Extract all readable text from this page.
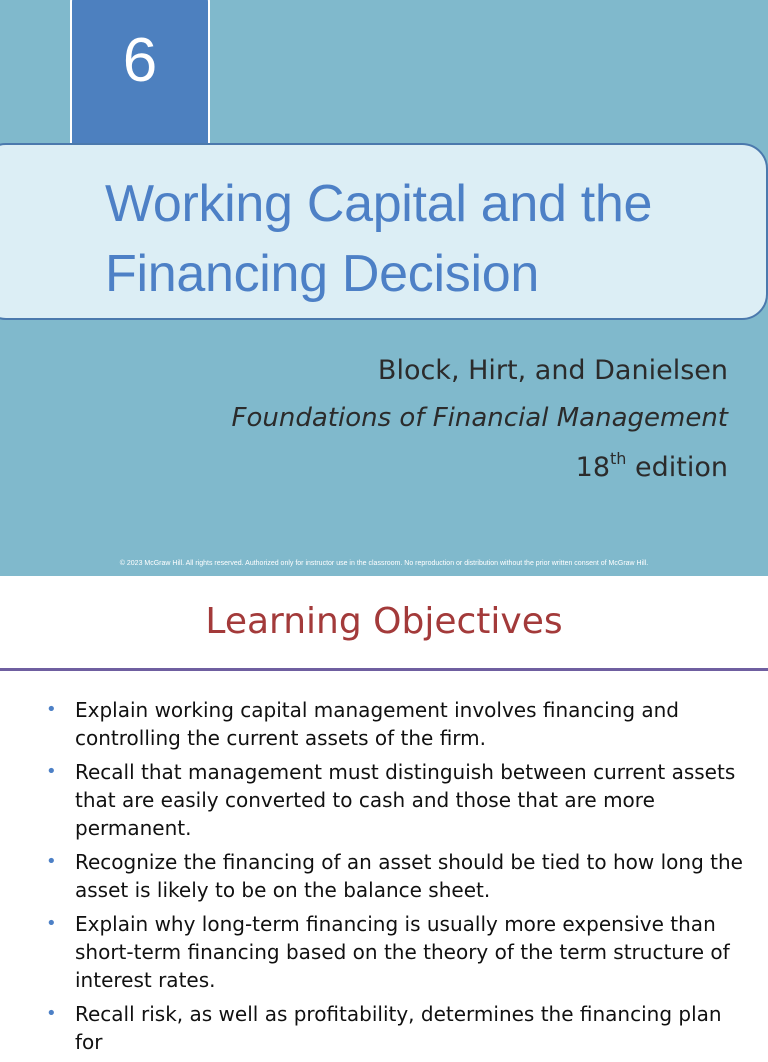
6
Working Capital and the
Financing Decision
Block, Hirt, and Danielsen
Foundations of Financial Management
18th edition
© 2023 McGraw Hill. All rights reserved. Authorized only for instructor use in the classroom. No reproduction or distribution without the prior written consent of McGraw Hill.
Learning Objectives
• Explain working capital management involves financing and controlling the current assets of the firm.
• Recall that management must distinguish between current assets that are easily converted to cash and those that are more permanent.
• Recognize the financing of an asset should be tied to how long the asset is likely to be on the balance sheet.
• Explain why long-term financing is usually more expensive than short-term financing based on the theory of the term structure of interest rates.
• Recall risk, as well as profitability, determines the financing plan for
